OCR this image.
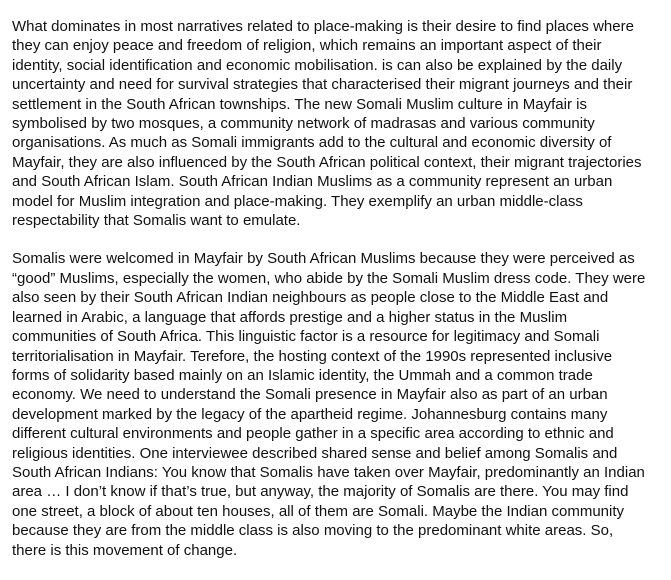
What dominates in most narratives related to place-making is their desire to find places where they can enjoy peace and freedom of religion, which remains an important aspect of their identity, social identification and economic mobilisation. is can also be explained by the daily uncertainty and need for survival strategies that characterised their migrant journeys and their settlement in the South African townships. The new Somali Muslim culture in Mayfair is symbolised by two mosques, a community network of madrasas and various community organisations. As much as Somali immigrants add to the cultural and economic diversity of Mayfair, they are also influenced by the South African political context, their migrant trajectories and South African Islam. South African Indian Muslims as a community represent an urban model for Muslim integration and place-making. They exemplify an urban middle-class respectability that Somalis want to emulate.

Somalis were welcomed in Mayfair by South African Muslims because they were perceived as “good” Muslims, especially the women, who abide by the Somali Muslim dress code. They were also seen by their South African Indian neighbours as people close to the Middle East and learned in Arabic, a language that affords prestige and a higher status in the Muslim communities of South Africa. This linguistic factor is a resource for legitimacy and Somali territorialisation in Mayfair. Terefore, the hosting context of the 1990s represented inclusive forms of solidarity based mainly on an Islamic identity, the Ummah and a common trade economy. We need to understand the Somali presence in Mayfair also as part of an urban development marked by the legacy of the apartheid regime. Johannesburg contains many different cultural environments and people gather in a specific area according to ethnic and religious identities. One interviewee described shared sense and belief among Somalis and South African Indians: You know that Somalis have taken over Mayfair, predominantly an Indian area … I don’t know if that’s true, but anyway, the majority of Somalis are there. You may find one street, a block of about ten houses, all of them are Somali. Maybe the Indian community because they are from the middle class is also moving to the predominant white areas. So, there is this movement of change.
